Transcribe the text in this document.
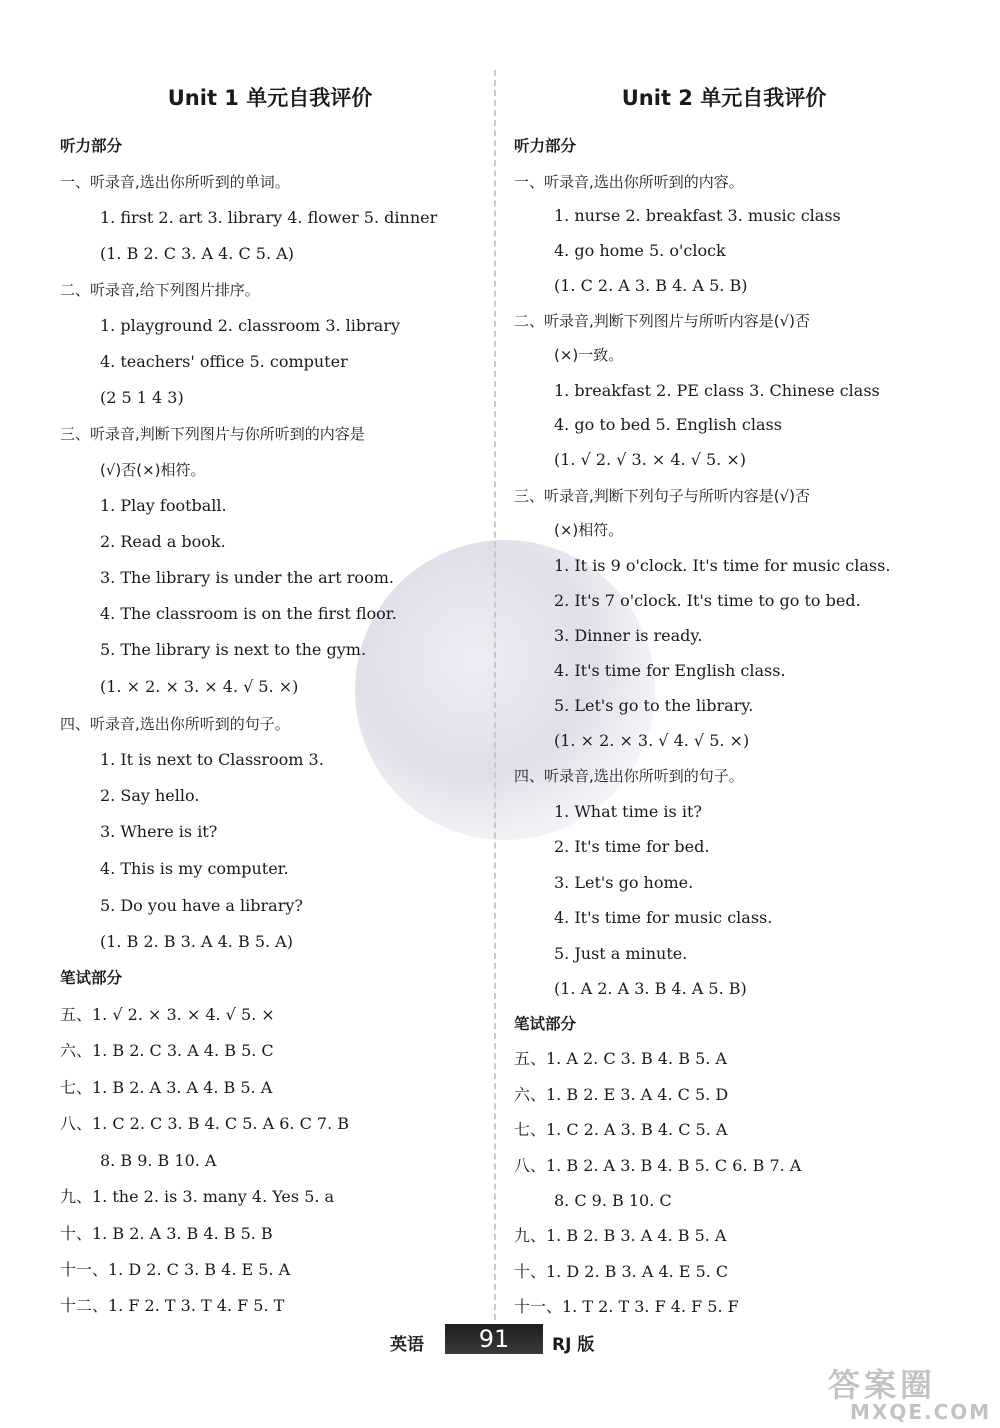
Unit 1 单元自我评价
听力部分
一、听录音,选出你所听到的单词。
1. first 2. art 3. library 4. flower 5. dinner
(1. B 2. C 3. A 4. C 5. A)
二、听录音,给下列图片排序。
1. playground 2. classroom 3. library
4. teachers' office 5. computer
(2 5 1 4 3)
三、听录音,判断下列图片与你所听到的内容是
(√)否(×)相符。
1. Play football.
2. Read a book.
3. The library is under the art room.
4. The classroom is on the first floor.
5. The library is next to the gym.
(1. × 2. × 3. × 4. √ 5. ×)
四、听录音,选出你所听到的句子。
1. It is next to Classroom 3.
2. Say hello.
3. Where is it?
4. This is my computer.
5. Do you have a library?
(1. B 2. B 3. A 4. B 5. A)
笔试部分
五、1. √ 2. × 3. × 4. √ 5. ×
六、1. B 2. C 3. A 4. B 5. C
七、1. B 2. A 3. A 4. B 5. A
八、1. C 2. C 3. B 4. C 5. A 6. C 7. B
8. B 9. B 10. A
九、1. the 2. is 3. many 4. Yes 5. a
十、1. B 2. A 3. B 4. B 5. B
十一、1. D 2. C 3. B 4. E 5. A
十二、1. F 2. T 3. T 4. F 5. T
Unit 2 单元自我评价
听力部分
一、听录音,选出你所听到的内容。
1. nurse 2. breakfast 3. music class
4. go home 5. o'clock
(1. C 2. A 3. B 4. A 5. B)
二、听录音,判断下列图片与所听内容是(√)否
(×)一致。
1. breakfast 2. PE class 3. Chinese class
4. go to bed 5. English class
(1. √ 2. √ 3. × 4. √ 5. ×)
三、听录音,判断下列句子与所听内容是(√)否
(×)相符。
1. It is 9 o'clock. It's time for music class.
2. It's 7 o'clock. It's time to go to bed.
3. Dinner is ready.
4. It's time for English class.
5. Let's go to the library.
(1. × 2. × 3. √ 4. √ 5. ×)
四、听录音,选出你所听到的句子。
1. What time is it?
2. It's time for bed.
3. Let's go home.
4. It's time for music class.
5. Just a minute.
(1. A 2. A 3. B 4. A 5. B)
笔试部分
五、1. A 2. C 3. B 4. B 5. A
六、1. B 2. E 3. A 4. C 5. D
七、1. C 2. A 3. B 4. C 5. A
八、1. B 2. A 3. B 4. B 5. C 6. B 7. A
8. C 9. B 10. C
九、1. B 2. B 3. A 4. B 5. A
十、1. D 2. B 3. A 4. E 5. C
十一、1. T 2. T 3. F 4. F 5. F
英语	91	RJ 版
答案圈
MXQE.COM
